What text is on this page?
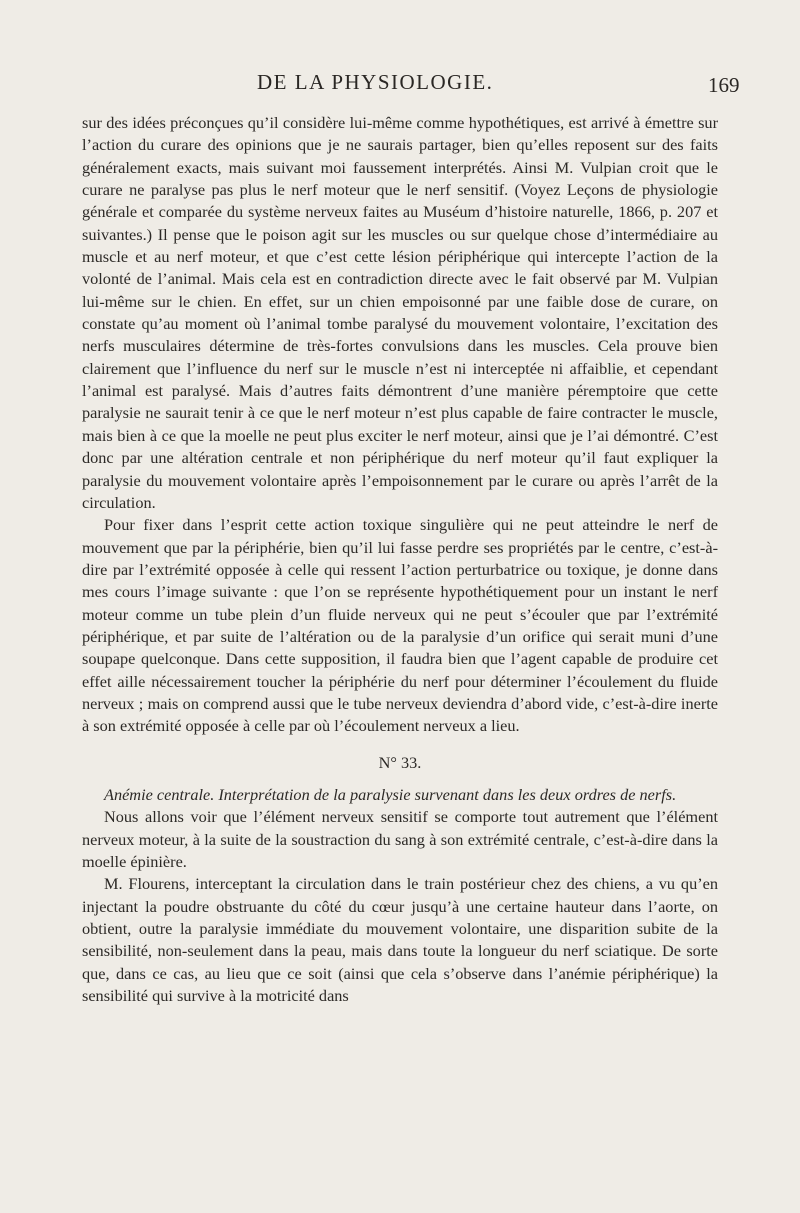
DE LA PHYSIOLOGIE.	169

sur des idées préconçues qu’il considère lui-même comme hypothétiques, est arrivé à émettre sur l’action du curare des opinions que je ne saurais partager, bien qu’elles reposent sur des faits généralement exacts, mais suivant moi faussement interprétés. Ainsi M. Vulpian croit que le curare ne paralyse pas plus le nerf moteur que le nerf sensitif. (Voyez Leçons de physiologie générale et comparée du système nerveux faites au Muséum d’histoire naturelle, 1866, p. 207 et suivantes.) Il pense que le poison agit sur les muscles ou sur quelque chose d’intermédiaire au muscle et au nerf moteur, et que c’est cette lésion périphérique qui intercepte l’action de la volonté de l’animal. Mais cela est en contradiction directe avec le fait observé par M. Vulpian lui-même sur le chien. En effet, sur un chien empoisonné par une faible dose de curare, on constate qu’au moment où l’animal tombe paralysé du mouvement volontaire, l’excitation des nerfs musculaires détermine de très-fortes convulsions dans les muscles. Cela prouve bien clairement que l’influence du nerf sur le muscle n’est ni interceptée ni affaiblie, et cependant l’animal est paralysé. Mais d’autres faits démontrent d’une manière péremptoire que cette paralysie ne saurait tenir à ce que le nerf moteur n’est plus capable de faire contracter le muscle, mais bien à ce que la moelle ne peut plus exciter le nerf moteur, ainsi que je l’ai démontré. C’est donc par une altération centrale et non périphérique du nerf moteur qu’il faut expliquer la paralysie du mouvement volontaire après l’empoisonnement par le curare ou après l’arrêt de la circulation.

Pour fixer dans l’esprit cette action toxique singulière qui ne peut atteindre le nerf de mouvement que par la périphérie, bien qu’il lui fasse perdre ses propriétés par le centre, c’est-à-dire par l’extrémité opposée à celle qui ressent l’action perturbatrice ou toxique, je donne dans mes cours l’image suivante : que l’on se représente hypothétiquement pour un instant le nerf moteur comme un tube plein d’un fluide nerveux qui ne peut s’écouler que par l’extrémité périphérique, et par suite de l’altération ou de la paralysie d’un orifice qui serait muni d’une soupape quelconque. Dans cette supposition, il faudra bien que l’agent capable de produire cet effet aille nécessairement toucher la périphérie du nerf pour déterminer l’écoulement du fluide nerveux ; mais on comprend aussi que le tube nerveux deviendra d’abord vide, c’est-à-dire inerte à son extrémité opposée à celle par où l’écoulement nerveux a lieu.

N° 33.

Anémie centrale. Interprétation de la paralysie survenant dans les deux ordres de nerfs.

Nous allons voir que l’élément nerveux sensitif se comporte tout autrement que l’élément nerveux moteur, à la suite de la soustraction du sang à son extrémité centrale, c’est-à-dire dans la moelle épinière.

M. Flourens, interceptant la circulation dans le train postérieur chez des chiens, a vu qu’en injectant la poudre obstruante du côté du cœur jusqu’à une certaine hauteur dans l’aorte, on obtient, outre la paralysie immédiate du mouvement volontaire, une disparition subite de la sensibilité, non-seulement dans la peau, mais dans toute la longueur du nerf sciatique. De sorte que, dans ce cas, au lieu que ce soit (ainsi que cela s’observe dans l’anémie périphérique) la sensibilité qui survive à la motricité dans
